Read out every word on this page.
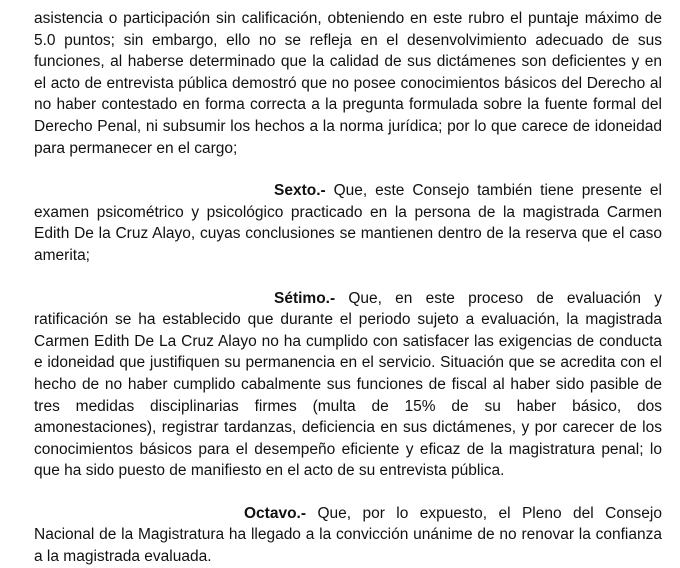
asistencia o participación sin calificación, obteniendo en este rubro el puntaje máximo de 5.0 puntos; sin embargo, ello no se refleja en el desenvolvimiento adecuado de sus funciones, al haberse determinado que la calidad de sus dictámenes son deficientes y en el acto de entrevista pública demostró que no posee conocimientos básicos del Derecho al no haber contestado en forma correcta a la pregunta formulada sobre la fuente formal del Derecho Penal, ni subsumir los hechos a la norma jurídica; por lo que carece de idoneidad para permanecer en el cargo;

Sexto.- Que, este Consejo también tiene presente el examen psicométrico y psicológico practicado en la persona de la magistrada Carmen Edith De la Cruz Alayo, cuyas conclusiones se mantienen dentro de la reserva que el caso amerita;

Sétimo.- Que, en este proceso de evaluación y ratificación se ha establecido que durante el periodo sujeto a evaluación, la magistrada Carmen Edith De La Cruz Alayo no ha cumplido con satisfacer las exigencias de conducta e idoneidad que justifiquen su permanencia en el servicio. Situación que se acredita con el hecho de no haber cumplido cabalmente sus funciones de fiscal al haber sido pasible de tres medidas disciplinarias firmes (multa de 15% de su haber básico, dos amonestaciones), registrar tardanzas, deficiencia en sus dictámenes, y por carecer de los conocimientos básicos para el desempeño eficiente y eficaz de la magistratura penal; lo que ha sido puesto de manifiesto en el acto de su entrevista pública.

Octavo.- Que, por lo expuesto, el Pleno del Consejo Nacional de la Magistratura ha llegado a la convicción unánime de no renovar la confianza a la magistrada evaluada.
